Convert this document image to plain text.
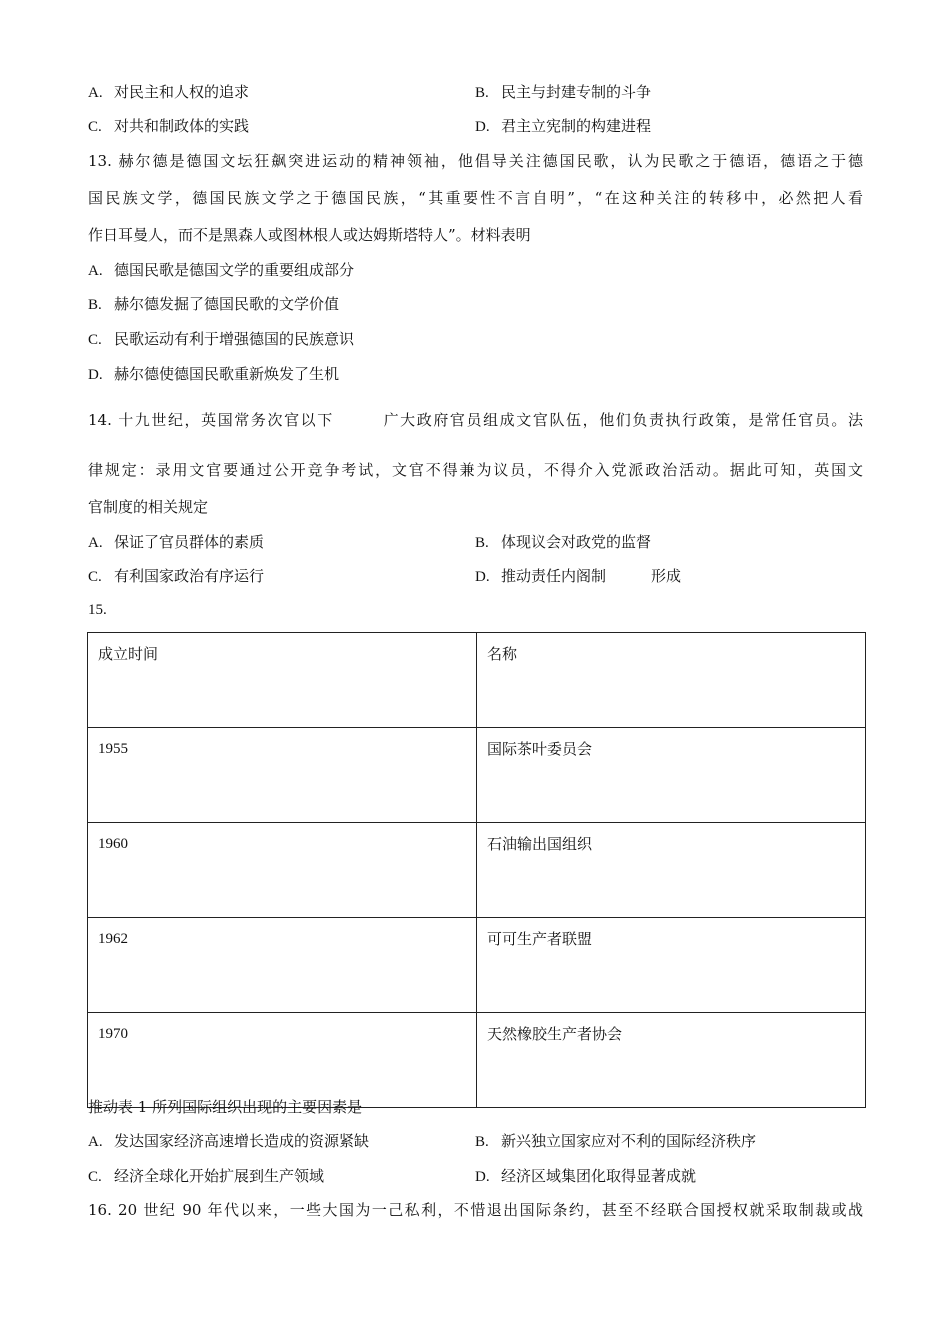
A. 对民主和人权的追求	B. 民主与封建专制的斗争
C. 对共和制政体的实践	D. 君主立宪制的构建进程
13. 赫尔德是德国文坛狂飙突进运动的精神领袖，他倡导关注德国民歌，认为民歌之于德语，德语之于德
国民族文学，德国民族文学之于德国民族，“其重要性不言自明”，“在这种关注的转移中，必然把人看
作日耳曼人，而不是黑森人或图林根人或达姆斯塔特人”。材料表明
A. 德国民歌是德国文学的重要组成部分
B. 赫尔德发掘了德国民歌的文学价值
C. 民歌运动有利于增强德国的民族意识
D. 赫尔德使德国民歌重新焕发了生机
14. 十九世纪，英国常务次官以下　　　广大政府官员组成文官队伍，他们负责执行政策，是常任官员。法
律规定：录用文官要通过公开竞争考试，文官不得兼为议员，不得介入党派政治活动。据此可知，英国文
官制度的相关规定
A. 保证了官员群体的素质	B. 体现议会对政党的监督
C. 有利国家政治有序运行	D. 推动责任内阁制　　　形成
15.
成立时间	名称
1955	国际茶叶委员会
1960	石油输出国组织
1962	可可生产者联盟
1970	天然橡胶生产者协会
推动表 1 所列国际组织出现的主要因素是
A. 发达国家经济高速增长造成的资源紧缺	B. 新兴独立国家应对不利的国际经济秩序
C. 经济全球化开始扩展到生产领域	D. 经济区域集团化取得显著成就
16. 20 世纪 90 年代以来，一些大国为一己私利，不惜退出国际条约，甚至不经联合国授权就采取制裁或战
